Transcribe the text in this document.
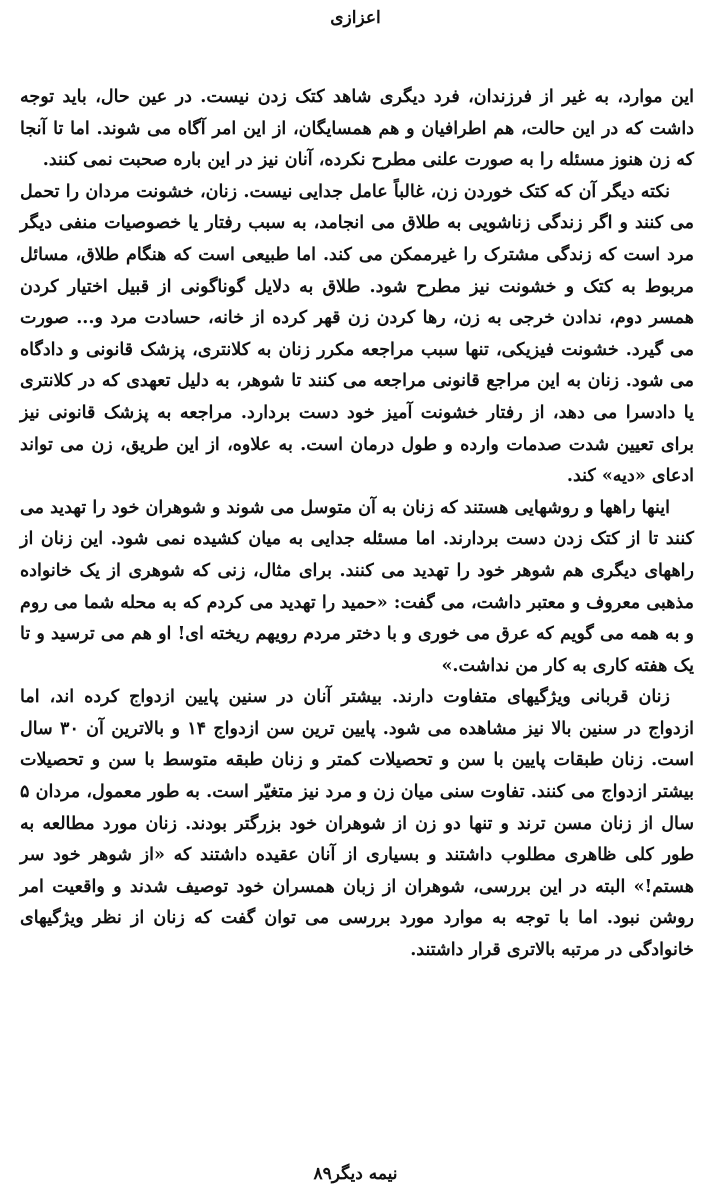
اعزازی

این موارد، به غیر از فرزندان، فرد دیگری شاهد کتک زدن نیست. در عین حال، باید توجه داشت که در این حالت، هم اطرافیان و هم همسایگان، از این امر آگاه می شوند. اما تا آنجا که زن هنوز مسئله را به صورت علنی مطرح نکرده، آنان نیز در این باره صحبت نمی کنند.

نکته دیگر آن که کتک خوردن زن، غالباً عامل جدایی نیست. زنان، خشونت مردان را تحمل می کنند و اگر زندگی زناشویی به طلاق می انجامد، به سبب رفتار یا خصوصیات منفی دیگر مرد است که زندگی مشترک را غیرممکن می کند. اما طبیعی است که هنگام طلاق، مسائل مربوط به کتک و خشونت نیز مطرح شود. طلاق به دلایل گوناگونی از قبیل اختیار کردن همسر دوم، ندادن خرجی به زن، رها کردن زن قهر کرده از خانه، حسادت مرد و... صورت می گیرد. خشونت فیزیکی، تنها سبب مراجعه مکرر زنان به کلانتری، پزشک قانونی و دادگاه می شود. زنان به این مراجع قانونی مراجعه می کنند تا شوهر، به دلیل تعهدی که در کلانتری یا دادسرا می دهد، از رفتار خشونت آمیز خود دست بردارد. مراجعه به پزشک قانونی نیز برای تعیین شدت صدمات وارده و طول درمان است. به علاوه، از این طریق، زن می تواند ادعای «دیه» کند.

اینها راهها و روشهایی هستند که زنان به آن متوسل می شوند و شوهران خود را تهدید می کنند تا از کتک زدن دست بردارند. اما مسئله جدایی به میان کشیده نمی شود. این زنان از راههای دیگری هم شوهر خود را تهدید می کنند. برای مثال، زنی که شوهری از یک خانواده مذهبی معروف و معتبر داشت، می گفت: «حمید را تهدید می کردم که به محله شما می روم و به همه می گویم که عرق می خوری و با دختر مردم رویهم ریخته ای! او هم می ترسید و تا یک هفته کاری به کار من نداشت.»

زنان قربانی ویژگیهای متفاوت دارند. بیشتر آنان در سنین پایین ازدواج کرده اند، اما ازدواج در سنین بالا نیز مشاهده می شود. پایین ترین سن ازدواج ۱۴ و بالاترین آن ۳۰ سال است. زنان طبقات پایین با سن و تحصیلات کمتر و زنان طبقه متوسط با سن و تحصیلات بیشتر ازدواج می کنند. تفاوت سنی میان زن و مرد نیز متغیّر است. به طور معمول، مردان ۵ سال از زنان مسن ترند و تنها دو زن از شوهران خود بزرگتر بودند. زنان مورد مطالعه به طور کلی ظاهری مطلوب داشتند و بسیاری از آنان عقیده داشتند که «از شوهر خود سر هستم!» البته در این بررسی، شوهران از زبان همسران خود توصیف شدند و واقعیت امر روشن نبود. اما با توجه به موارد مورد بررسی می توان گفت که زنان از نظر ویژگیهای خانوادگی در مرتبه بالاتری قرار داشتند.

نیمه دیگر۸۹
